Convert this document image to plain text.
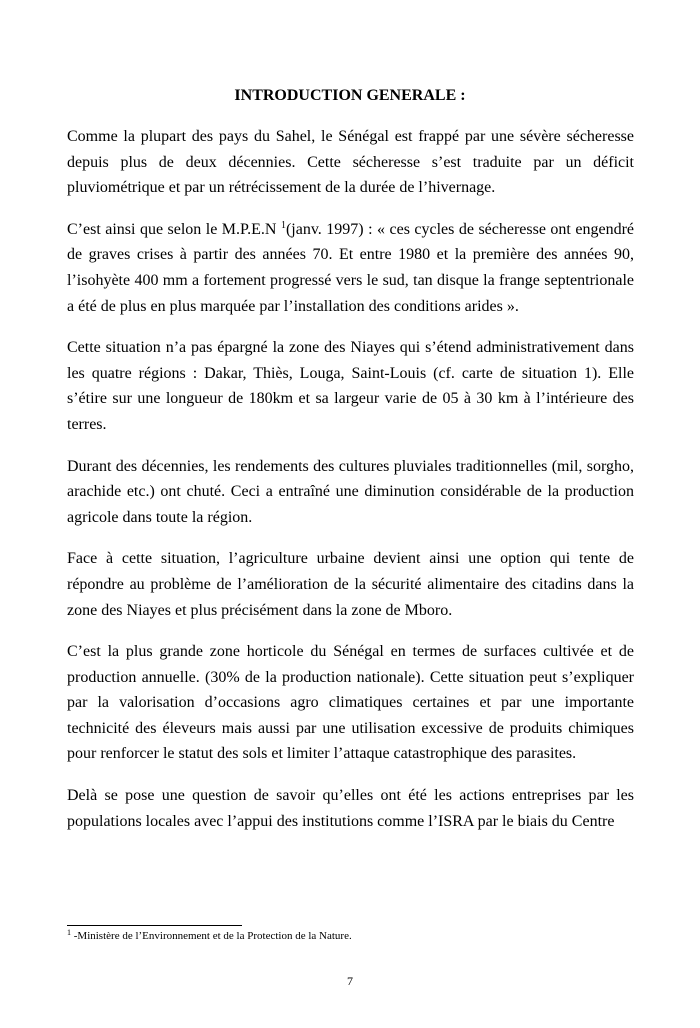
INTRODUCTION GENERALE :

Comme la plupart des pays du Sahel, le Sénégal est frappé par une sévère sécheresse depuis plus de deux décennies. Cette sécheresse s’est traduite par un déficit pluviométrique et par un rétrécissement de la durée de l’hivernage.

C’est ainsi que selon le M.P.E.N $^1$(janv. 1997) : « ces cycles de sécheresse ont engendré de graves crises à partir des années 70. Et entre 1980 et la première des années 90, l’isohyète 400 mm a fortement progressé vers le sud, tan disque la frange septentrionale a été de plus en plus marquée par l’installation des conditions arides ».

Cette situation n’a pas épargné la zone des Niayes qui s’étend administrativement dans les quatre régions : Dakar, Thiès, Louga, Saint-Louis (cf. carte de situation 1). Elle s’étire sur une longueur de 180km et sa largeur varie de 05 à 30 km à l’intérieure des terres.

Durant des décennies, les rendements des cultures pluviales traditionnelles (mil, sorgho, arachide etc.) ont chuté. Ceci a entraîné une diminution considérable de la production agricole dans toute la région.

Face à cette situation, l’agriculture urbaine devient ainsi une option qui tente de répondre au problème de l’amélioration de la sécurité alimentaire des citadins dans la zone des Niayes et plus précisément dans la zone de Mboro.

C’est la plus grande zone horticole du Sénégal en termes de surfaces cultivée et de production annuelle. (30% de la production nationale). Cette situation peut s’expliquer par la valorisation d’occasions agro climatiques certaines et par une importante technicité des éleveurs mais aussi par une utilisation excessive de produits chimiques pour renforcer le statut des sols et limiter l’attaque catastrophique des parasites.

Delà se pose une question de savoir qu’elles ont été les actions entreprises par les populations locales avec l’appui des institutions comme l’ISRA par le biais du Centre

$^1$ -Ministère de l’Environnement et de la Protection de la Nature.
7
